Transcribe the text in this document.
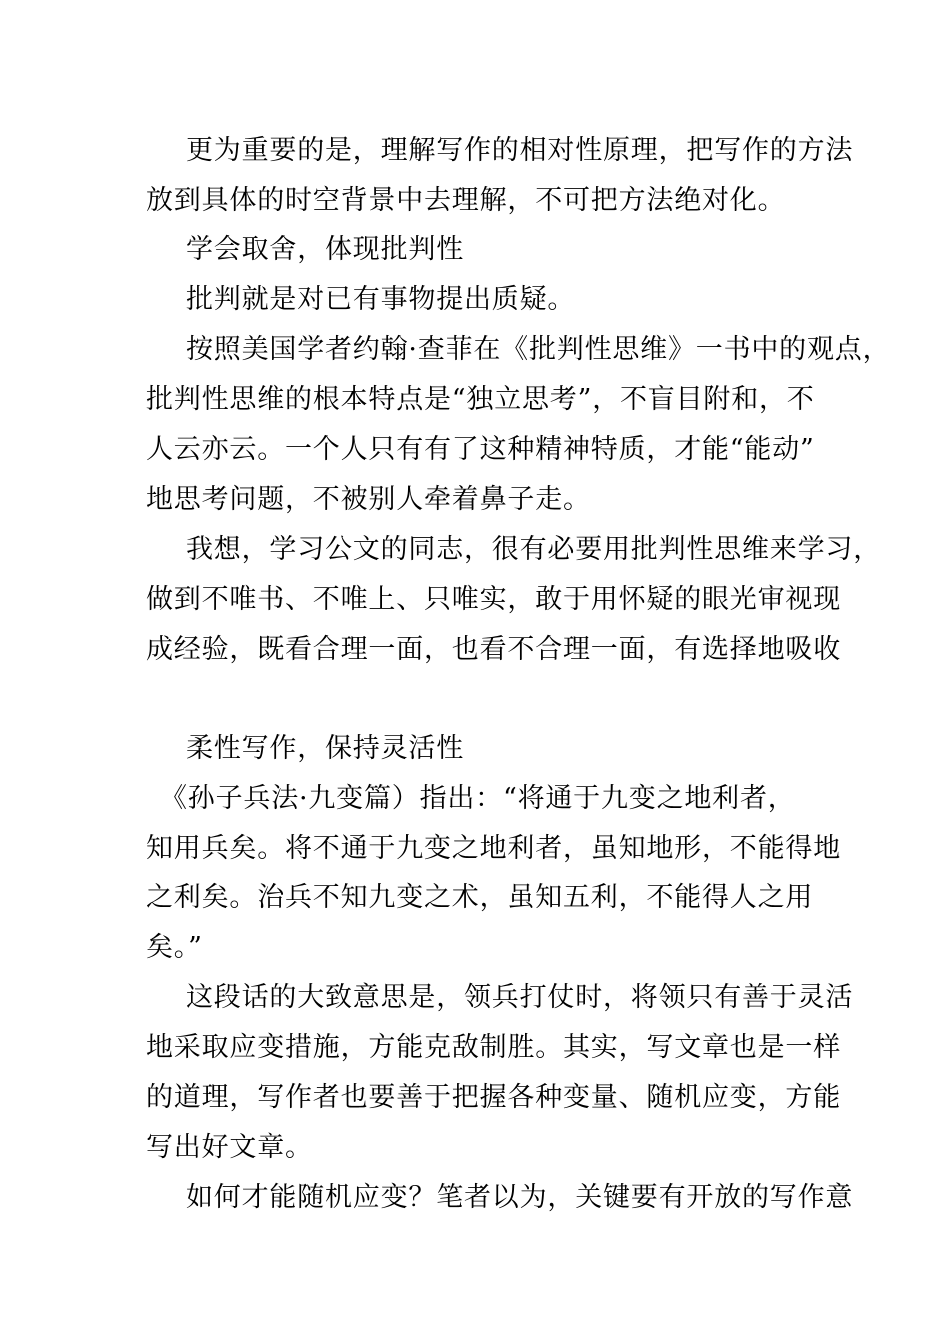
更为重要的是，理解写作的相对性原理，把写作的方法
放到具体的时空背景中去理解，不可把方法绝对化。
学会取舍，体现批判性
批判就是对已有事物提出质疑。
按照美国学者约翰·查菲在《批判性思维》一书中的观点，
批判性思维的根本特点是“独立思考”，不盲目附和，不
人云亦云。一个人只有有了这种精神特质，才能“能动”
地思考问题，不被别人牵着鼻子走。
我想，学习公文的同志，很有必要用批判性思维来学习，
做到不唯书、不唯上、只唯实，敢于用怀疑的眼光审视现
成经验，既看合理一面，也看不合理一面，有选择地吸收
柔性写作，保持灵活性
《孙子兵法·九变篇）指出：“将通于九变之地利者，
知用兵矣。将不通于九变之地利者，虽知地形，不能得地
之利矣。治兵不知九变之术，虽知五利，不能得人之用
矣。”
这段话的大致意思是，领兵打仗时，将领只有善于灵活
地采取应变措施，方能克敌制胜。其实，写文章也是一样
的道理，写作者也要善于把握各种变量、随机应变，方能
写出好文章。
如何才能随机应变？笔者以为，关键要有开放的写作意
